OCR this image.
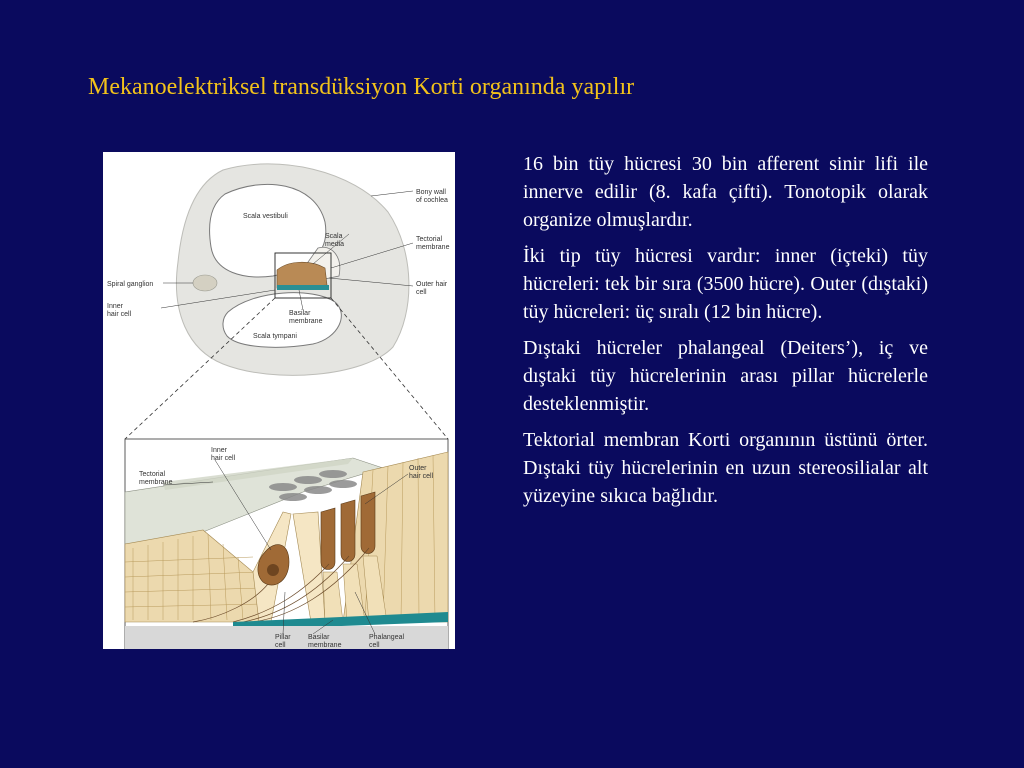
Mekanoelektriksel transdüksiyon Korti organında yapılır
Bony wall
of cochlea
Scala vestibuli
Scala
media
Tectorial
membrane
Spiral ganglion	Outer hair
cell
Inner
hair cell	Basilar
membrane
Scala tympani
Inner
hair cell
Tectorial
membrane
Outer
hair cell
Pillar
cell
Basilar
membrane
Phalangeal
cell

16 bin tüy hücresi 30 bin afferent sinir lifi ile innerve edilir (8. kafa çifti). Tonotopik olarak organize olmuşlardır.

İki tip tüy hücresi vardır: inner (içteki) tüy hücreleri: tek bir sıra (3500 hücre). Outer (dıştaki) tüy hücreleri: üç sıralı (12 bin hücre).

Dıştaki hücreler phalangeal (Deiters’), iç ve dıştaki tüy hücrelerinin arası pillar hücrelerle desteklenmiştir.

Tektorial membran Korti organının üstünü örter. Dıştaki tüy hücrelerinin en uzun stereosilialar alt yüzeyine sıkıca bağlıdır.
